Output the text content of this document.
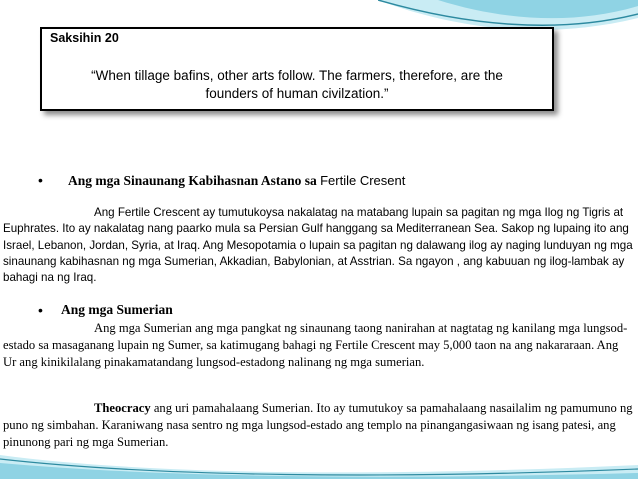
Saksihin 20
“When tillage bafins, other arts follow. The farmers, therefore, are the
founders of human civilzation.”
• Ang mga Sinaunang Kabihasnan Astano sa Fertile Cresent

Ang Fertile Crescent ay tumutukoysa nakalatag na matabang lupain sa pagitan ng mga Ilog ng Tigris at Euphrates. Ito ay nakalatag nang paarko mula sa Persian Gulf hanggang sa Mediterranean Sea. Sakop ng lupaing ito ang Israel, Lebanon, Jordan, Syria, at Iraq. Ang Mesopotamia o lupain sa pagitan ng dalawang ilog ay naging lunduyan ng mga sinaunang kabihasnan ng mga Sumerian, Akkadian, Babylonian, at Asstrian. Sa ngayon , ang kabuuan ng ilog-lambak ay bahagi na ng Iraq.

• Ang mga Sumerian

Ang mga Sumerian ang mga pangkat ng sinaunang taong nanirahan at nagtatag ng kanilang mga lungsod-estado sa masaganang lupain ng Sumer, sa katimugang bahagi ng Fertile Crescent may 5,000 taon na ang nakararaan. Ang Ur ang kinikilalang pinakamatandang lungsod-estadong nalinang ng mga sumerian.

Theocracy ang uri pamahalaang Sumerian. Ito ay tumutukoy sa pamahalaang nasailalim ng pamumuno ng puno ng simbahan. Karaniwang nasa sentro ng mga lungsod-estado ang templo na pinangangasiwaan ng isang patesi, ang pinunong pari ng mga Sumerian.
